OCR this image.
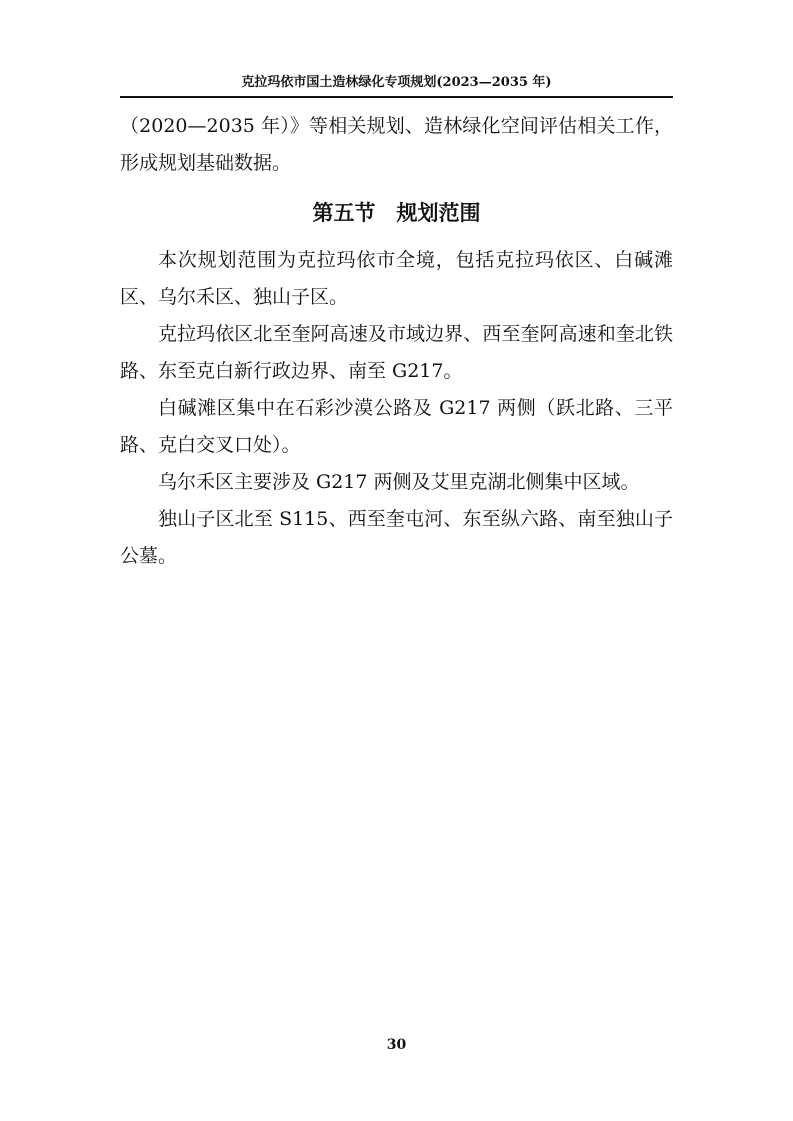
克拉玛依市国土造林绿化专项规划(2023—2035 年)

（2020—2035 年）》等相关规划、造林绿化空间评估相关工作，形成规划基础数据。

第五节　规划范围

本次规划范围为克拉玛依市全境，包括克拉玛依区、白碱滩区、乌尔禾区、独山子区。

克拉玛依区北至奎阿高速及市域边界、西至奎阿高速和奎北铁路、东至克白新行政边界、南至 G217。

白碱滩区集中在石彩沙漠公路及 G217 两侧（跃北路、三平路、克白交叉口处）。

乌尔禾区主要涉及 G217 两侧及艾里克湖北侧集中区域。

独山子区北至 S115、西至奎屯河、东至纵六路、南至独山子公墓。

30
